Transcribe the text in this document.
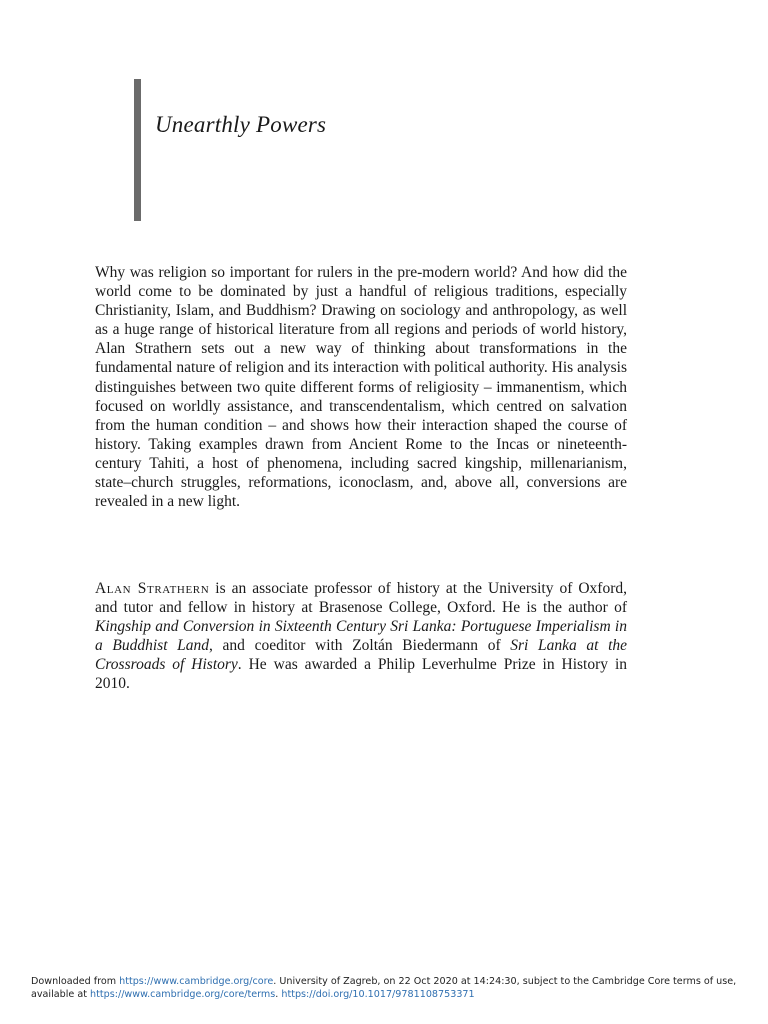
Unearthly Powers

Why was religion so important for rulers in the pre-modern world? And how did the world come to be dominated by just a handful of religious traditions, especially Christianity, Islam, and Buddhism? Drawing on sociology and anthropology, as well as a huge range of historical literature from all regions and periods of world history, Alan Strathern sets out a new way of thinking about transformations in the fundamental nature of religion and its interaction with political authority. His analysis distinguishes between two quite different forms of religiosity – immanentism, which focused on worldly assistance, and transcendentalism, which centred on salvation from the human condition – and shows how their interaction shaped the course of history. Taking examples drawn from Ancient Rome to the Incas or nineteenth-century Tahiti, a host of phenomena, including sacred kingship, millenarianism, state–church struggles, reformations, iconoclasm, and, above all, conversions are revealed in a new light.

Alan Strathern is an associate professor of history at the University of Oxford, and tutor and fellow in history at Brasenose College, Oxford. He is the author of Kingship and Conversion in Sixteenth Century Sri Lanka: Portuguese Imperialism in a Buddhist Land, and coeditor with Zoltán Biedermann of Sri Lanka at the Crossroads of History. He was awarded a Philip Leverhulme Prize in History in 2010.

Downloaded from https://www.cambridge.org/core. University of Zagreb, on 22 Oct 2020 at 14:24:30, subject to the Cambridge Core terms of use, available at https://www.cambridge.org/core/terms. https://doi.org/10.1017/9781108753371
